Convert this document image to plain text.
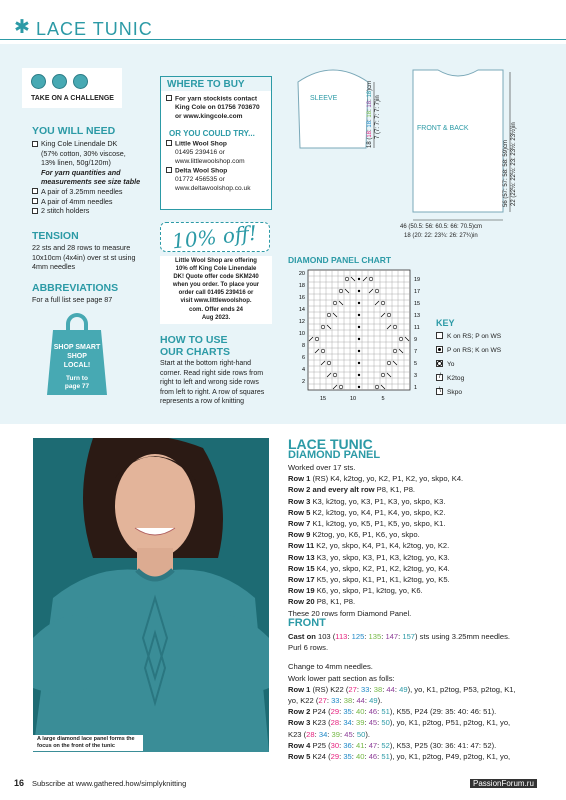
✱ LACE TUNIC
TAKE ON A CHALLENGE
YOU WILL NEED
King Cole Linendale DK
(57% cotton, 30% viscose,
13% linen, 50g/120m)
For yarn quantities and
measurements see size table
A pair of 3.25mm needles
A pair of 4mm needles
2 stitch holders
TENSION
22 sts and 28 rows to measure
10x10cm (4x4in) over st st using
4mm needles
ABBREVIATIONS
For a full list see page 87
SHOP SMART
SHOP
LOCAL!
Turn to
page 77
WHERE TO BUY
For yarn stockists contact
King Cole on 01756 703670
or www.kingcole.com
OR YOU COULD TRY...
Little Wool Shop
01495 239416 or
www.littlewoolshop.com
Delta Wool Shop
01772 456535 or
www.deltawoolshop.co.uk
10% off!
Little Wool Shop are offering
10% off King Cole Linendale
DK! Quote offer code SKM240
when you order. To place your
order call 01495 239416 or
visit www.littlewoolshop.
com. Offer ends 24
Aug 2023.
HOW TO USE
OUR CHARTS
Start at the bottom right-hand
corner. Read right side rows from
right to left and wrong side rows
from left to right. A row of squares
represents a row of knitting
SLEEVE
FRONT & BACK
18 (18: 18: 18: 18: 18)cm
7 (7: 7: 7: 7: 7)in
56 (57: 57: 58: 58: 59)cm 22 (22½: 22½: 23: 23½: 23½)in
46 (50.5: 56: 60.5: 66: 70.5)cm
18 (20: 22: 23¾: 26: 27¾)in
DIAMOND PANEL CHART
20
18
16
14
12
10
8
6
4
2
19
17
15
13
11
9
7
5
3
1
15	10	5
KEY
K on RS; P on WS
P on RS; K on WS
Yo
/ K2tog
\ Skpo
A large diamond lace panel forms the focus on the front of the tunic
LACE TUNIC
DIAMOND PANEL
Worked over 17 sts.
Row 1 (RS) K4, k2tog, yo, K2, P1, K2, yo, skpo, K4.
Row 2 and every alt row P8, K1, P8.
Row 3 K3, k2tog, yo, K3, P1, K3, yo, skpo, K3.
Row 5 K2, k2tog, yo, K4, P1, K4, yo, skpo, K2.
Row 7 K1, k2tog, yo, K5, P1, K5, yo, skpo, K1.
Row 9 K2tog, yo, K6, P1, K6, yo, skpo.
Row 11 K2, yo, skpo, K4, P1, K4, k2tog, yo, K2.
Row 13 K3, yo, skpo, K3, P1, K3, k2tog, yo, K3.
Row 15 K4, yo, skpo, K2, P1, K2, k2tog, yo, K4.
Row 17 K5, yo, skpo, K1, P1, K1, k2tog, yo, K5.
Row 19 K6, yo, skpo, P1, k2tog, yo, K6.
Row 20 P8, K1, P8.
These 20 rows form Diamond Panel.
FRONT
Cast on 103 (113: 125: 135: 147: 157) sts using 3.25mm needles.
Purl 6 rows.
Change to 4mm needles.
Work lower patt section as folls:
Row 1 (RS) K22 (27: 33: 38: 44: 49), yo, K1, p2tog, P53, p2tog, K1,
yo, K22 (27: 33: 38: 44: 49).
Row 2 P24 (29: 35: 40: 46: 51), K55, P24 (29: 35: 40: 46: 51).
Row 3 K23 (28: 34: 39: 45: 50), yo, K1, p2tog, P51, p2tog, K1, yo,
K23 (28: 34: 39: 45: 50).
Row 4 P25 (30: 36: 41: 47: 52), K53, P25 (30: 36: 41: 47: 52).
Row 5 K24 (29: 35: 40: 46: 51), yo, K1, p2tog, P49, p2tog, K1, yo,
16 Subscribe at www.gathered.how/simplyknitting	PassionForum.ru
